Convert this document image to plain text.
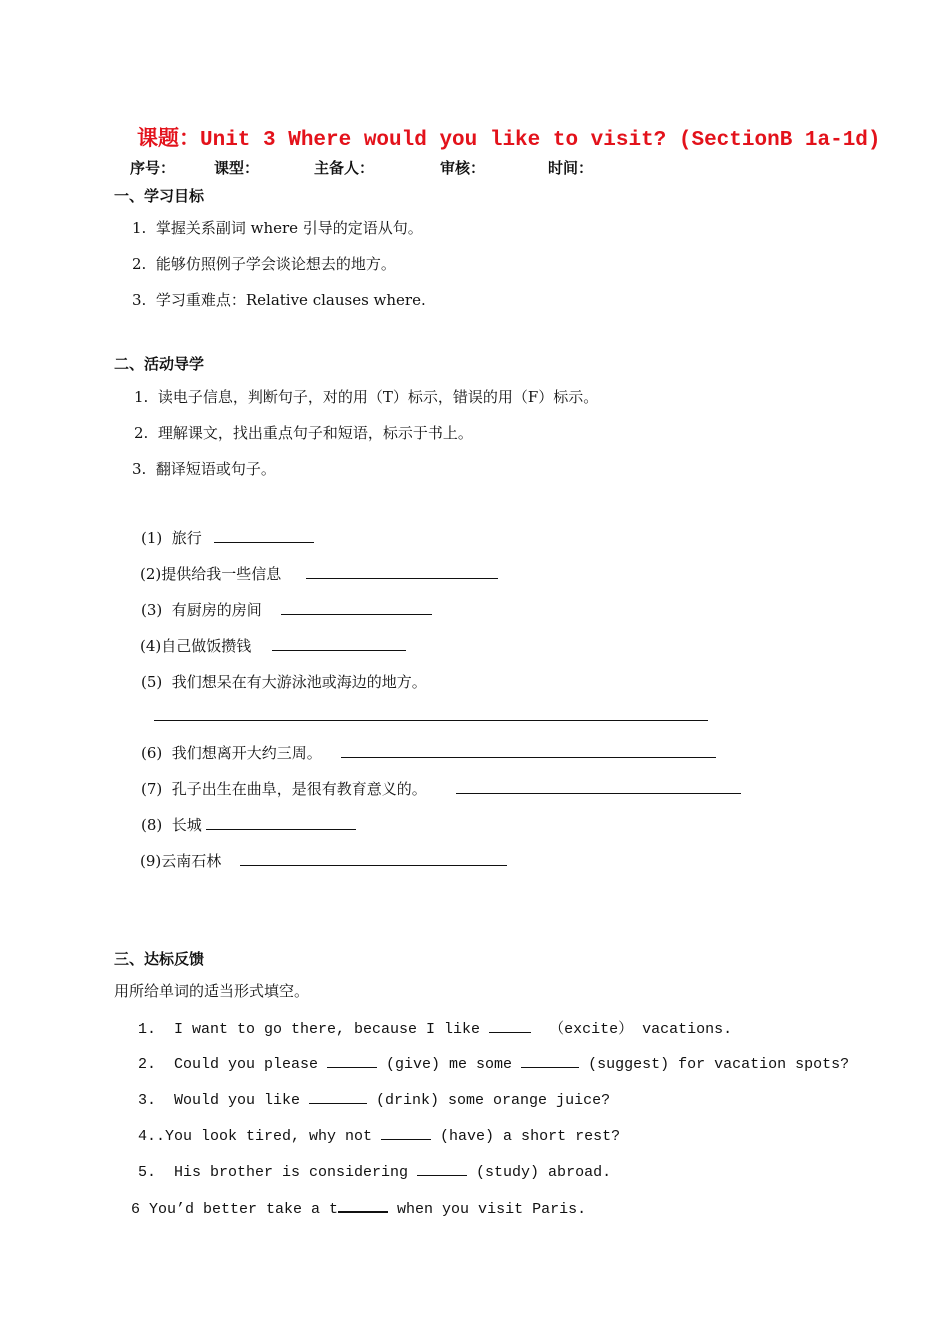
课题：Unit 3 Where would you like to visit? (SectionB 1a-1d)
序号：	课型：	主备人：	审核：	时间：
一、学习目标
1.  掌握关系副词 where 引导的定语从句。
2.  能够仿照例子学会谈论想去的地方。
3.  学习重难点：Relative clauses where.
二、活动导学
1.  读电子信息，判断句子，对的用（T）标示，错误的用（F）标示。
2.  理解课文，找出重点句子和短语，标示于书上。
3.  翻译短语或句子。
(1)  旅行
(2)提供给我一些信息
(3)  有厨房的房间
(4)自己做饭攒钱
(5)  我们想呆在有大游泳池或海边的地方。
(6)  我们想离开大约三周。
(7)  孔子出生在曲阜，是很有教育意义的。
(8)  长城
(9)云南石林
三、达标反馈
用所给单词的适当形式填空。
1.  I want to go there, because I like	（excite） vacations.
2.  Could you please	(give) me some	(suggest) for vacation spots?
3.  Would you like	(drink) some orange juice?
4..You look tired, why not	(have) a short rest?
5.  His brother is considering	(study) abroad.
6 You’d better take a t	when you visit Paris.
